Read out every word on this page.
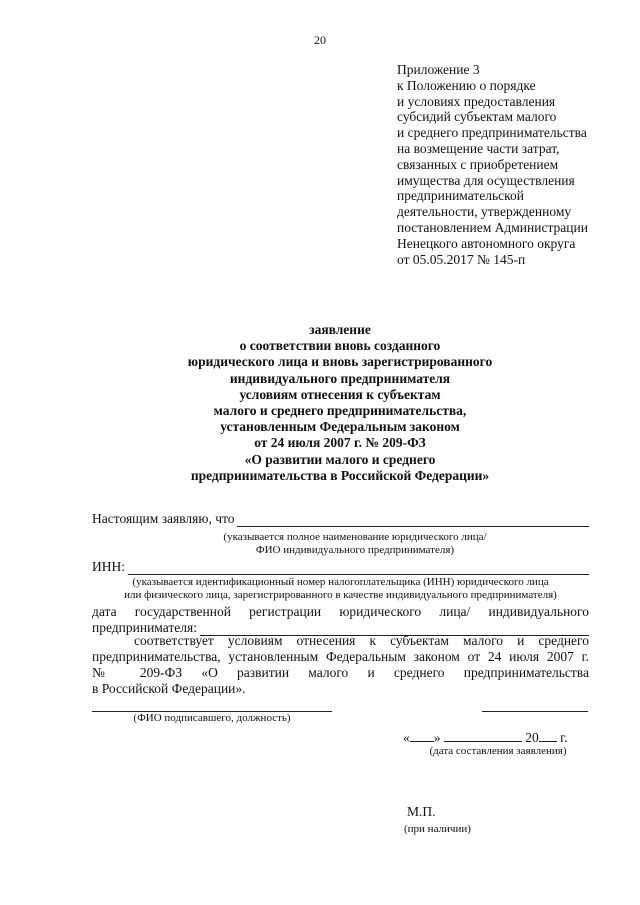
20
Приложение 3
к Положению о порядке
и условиях предоставления
субсидий субъектам малого
и среднего предпринимательства
на возмещение части затрат,
связанных с приобретением
имущества для осуществления
предпринимательской
деятельности, утвержденному
постановлением Администрации
Ненецкого автономного округа
от 05.05.2017 № 145-п
заявление
о соответствии вновь созданного
юридического лица и вновь зарегистрированного
индивидуального предпринимателя
условиям отнесения к субъектам
малого и среднего предпринимательства,
установленным Федеральным законом
от 24 июля 2007 г. № 209-ФЗ
«О развитии малого и среднего
предпринимательства в Российской Федерации»
Настоящим заявляю, что
(указывается полное наименование юридического лица/
ФИО индивидуального предпринимателя)
ИНН:
(указывается идентификационный номер налогоплательщика (ИНН) юридического лица
или физического лица, зарегистрированного в качестве индивидуального предпринимателя)
дата государственной регистрации юридического лица/ индивидуального
предпринимателя:
соответствует условиям отнесения к субъектам малого и среднего
предпринимательства, установленным Федеральным законом от 24 июля 2007 г.
№ 209-ФЗ «О развитии малого и среднего предпринимательства
в Российской Федерации».
(ФИО подписавшего, должность)
« »	20 г.
(дата составления заявления)
М.П.
(при наличии)
